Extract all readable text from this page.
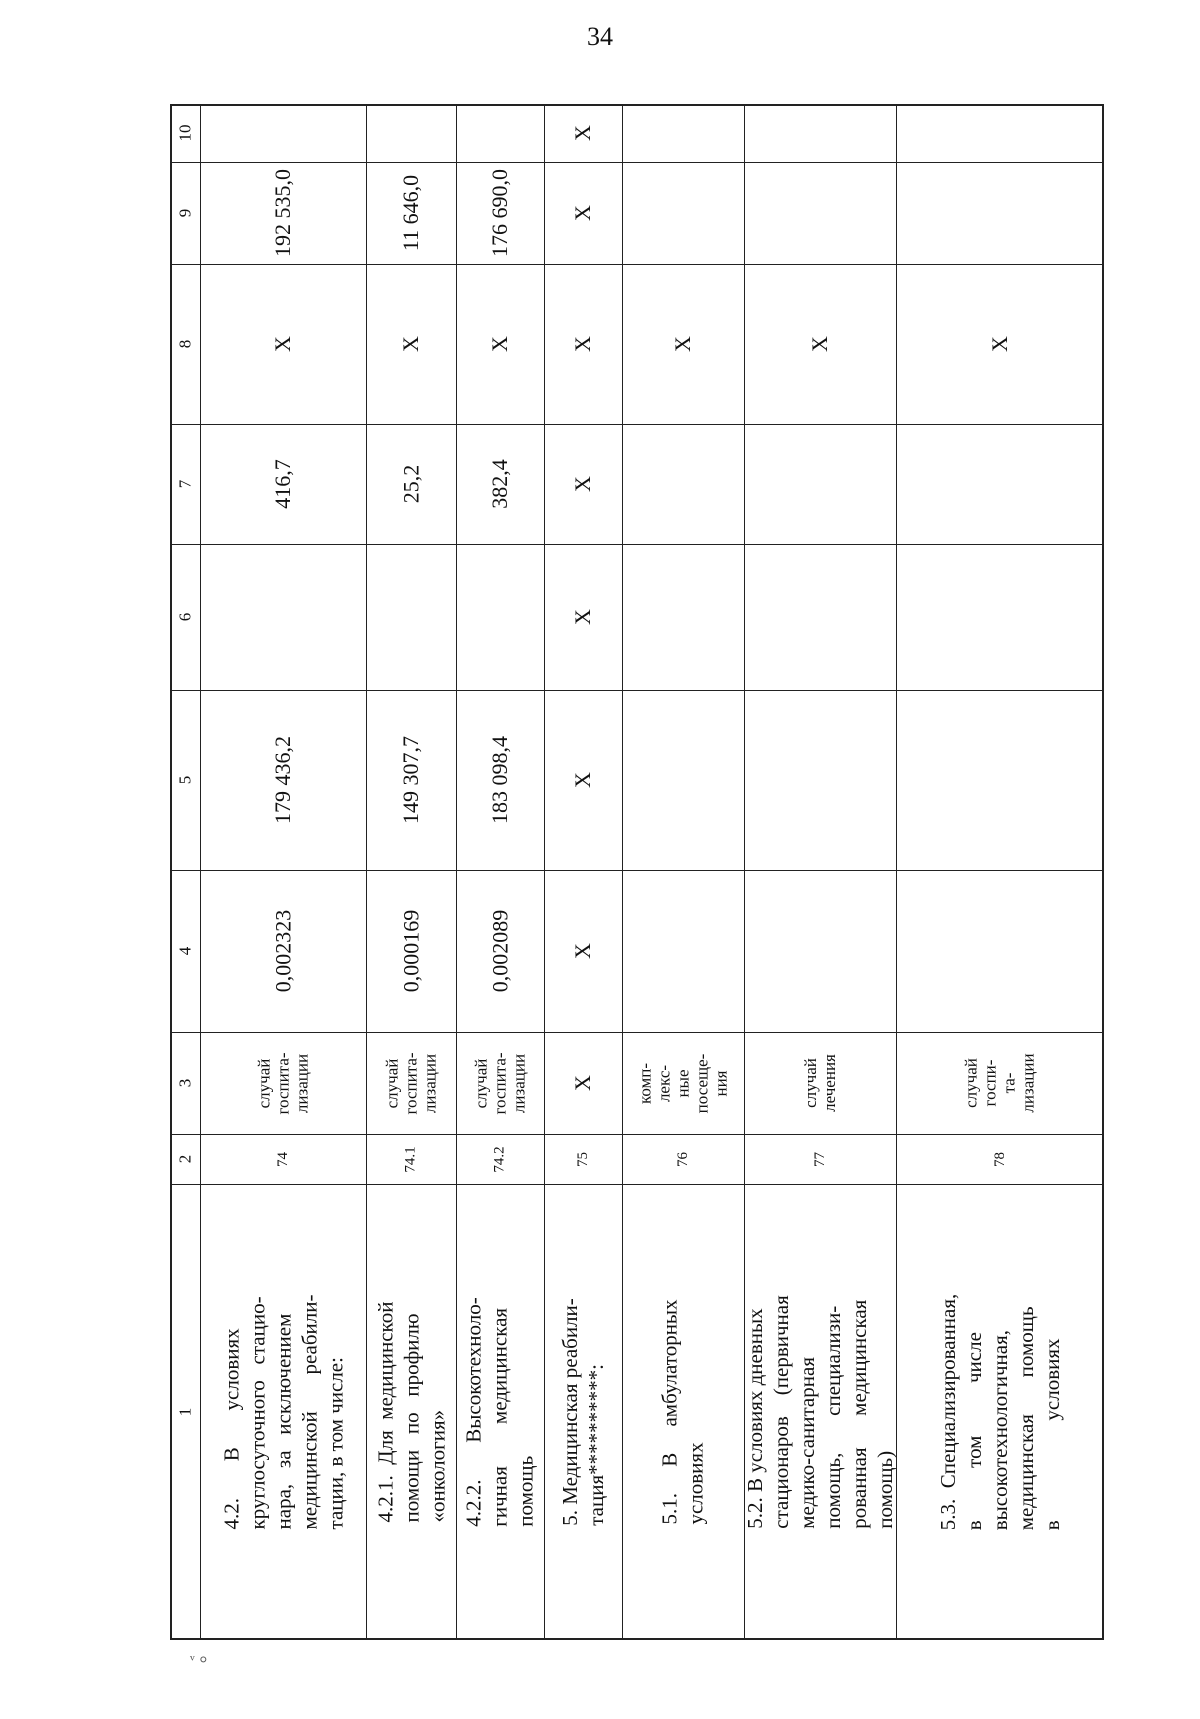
34
1
2
3
4
5
6
7
8
9
10
4.2.       В       условиях
круглосуточного   стацио-
нара,   за   исключением
медицинской       реабили-
тации, в том числе:
74
случай
госпита-
лизации
0,002323
179 436,2
416,7
X
192 535,0
4.2.1.  Для  медицинской
помощи   по   профилю
«онкология»
74.1
случай
госпита-
лизации
0,000169
149 307,7
25,2
X
11 646,0
4.2.2.       Высокотехноло-
гичная        медицинская
помощь
74.2
случай
госпита-
лизации
0,002089
183 098,4
382,4
X
176 690,0
5. Медицинская реабили-
тация**********:
75
X
X
X
X
X
X
X
X
5.1.     В     амбулаторных
условиях
76
комп-
лекс-
ные
посеще-
ния
X
5.2. В условиях дневных
стационаров    (первичная
медико-санитарная
помощь,       специализи-
рованная      медицинская
помощь)
77
случай
лечения
X
5.3.  Специализированная,
в          том          числе
высокотехнологичная,
медицинская       помощь
в                   условиях
78
случай
госпи-
та-
лизации
X
ᵛ ⸰
